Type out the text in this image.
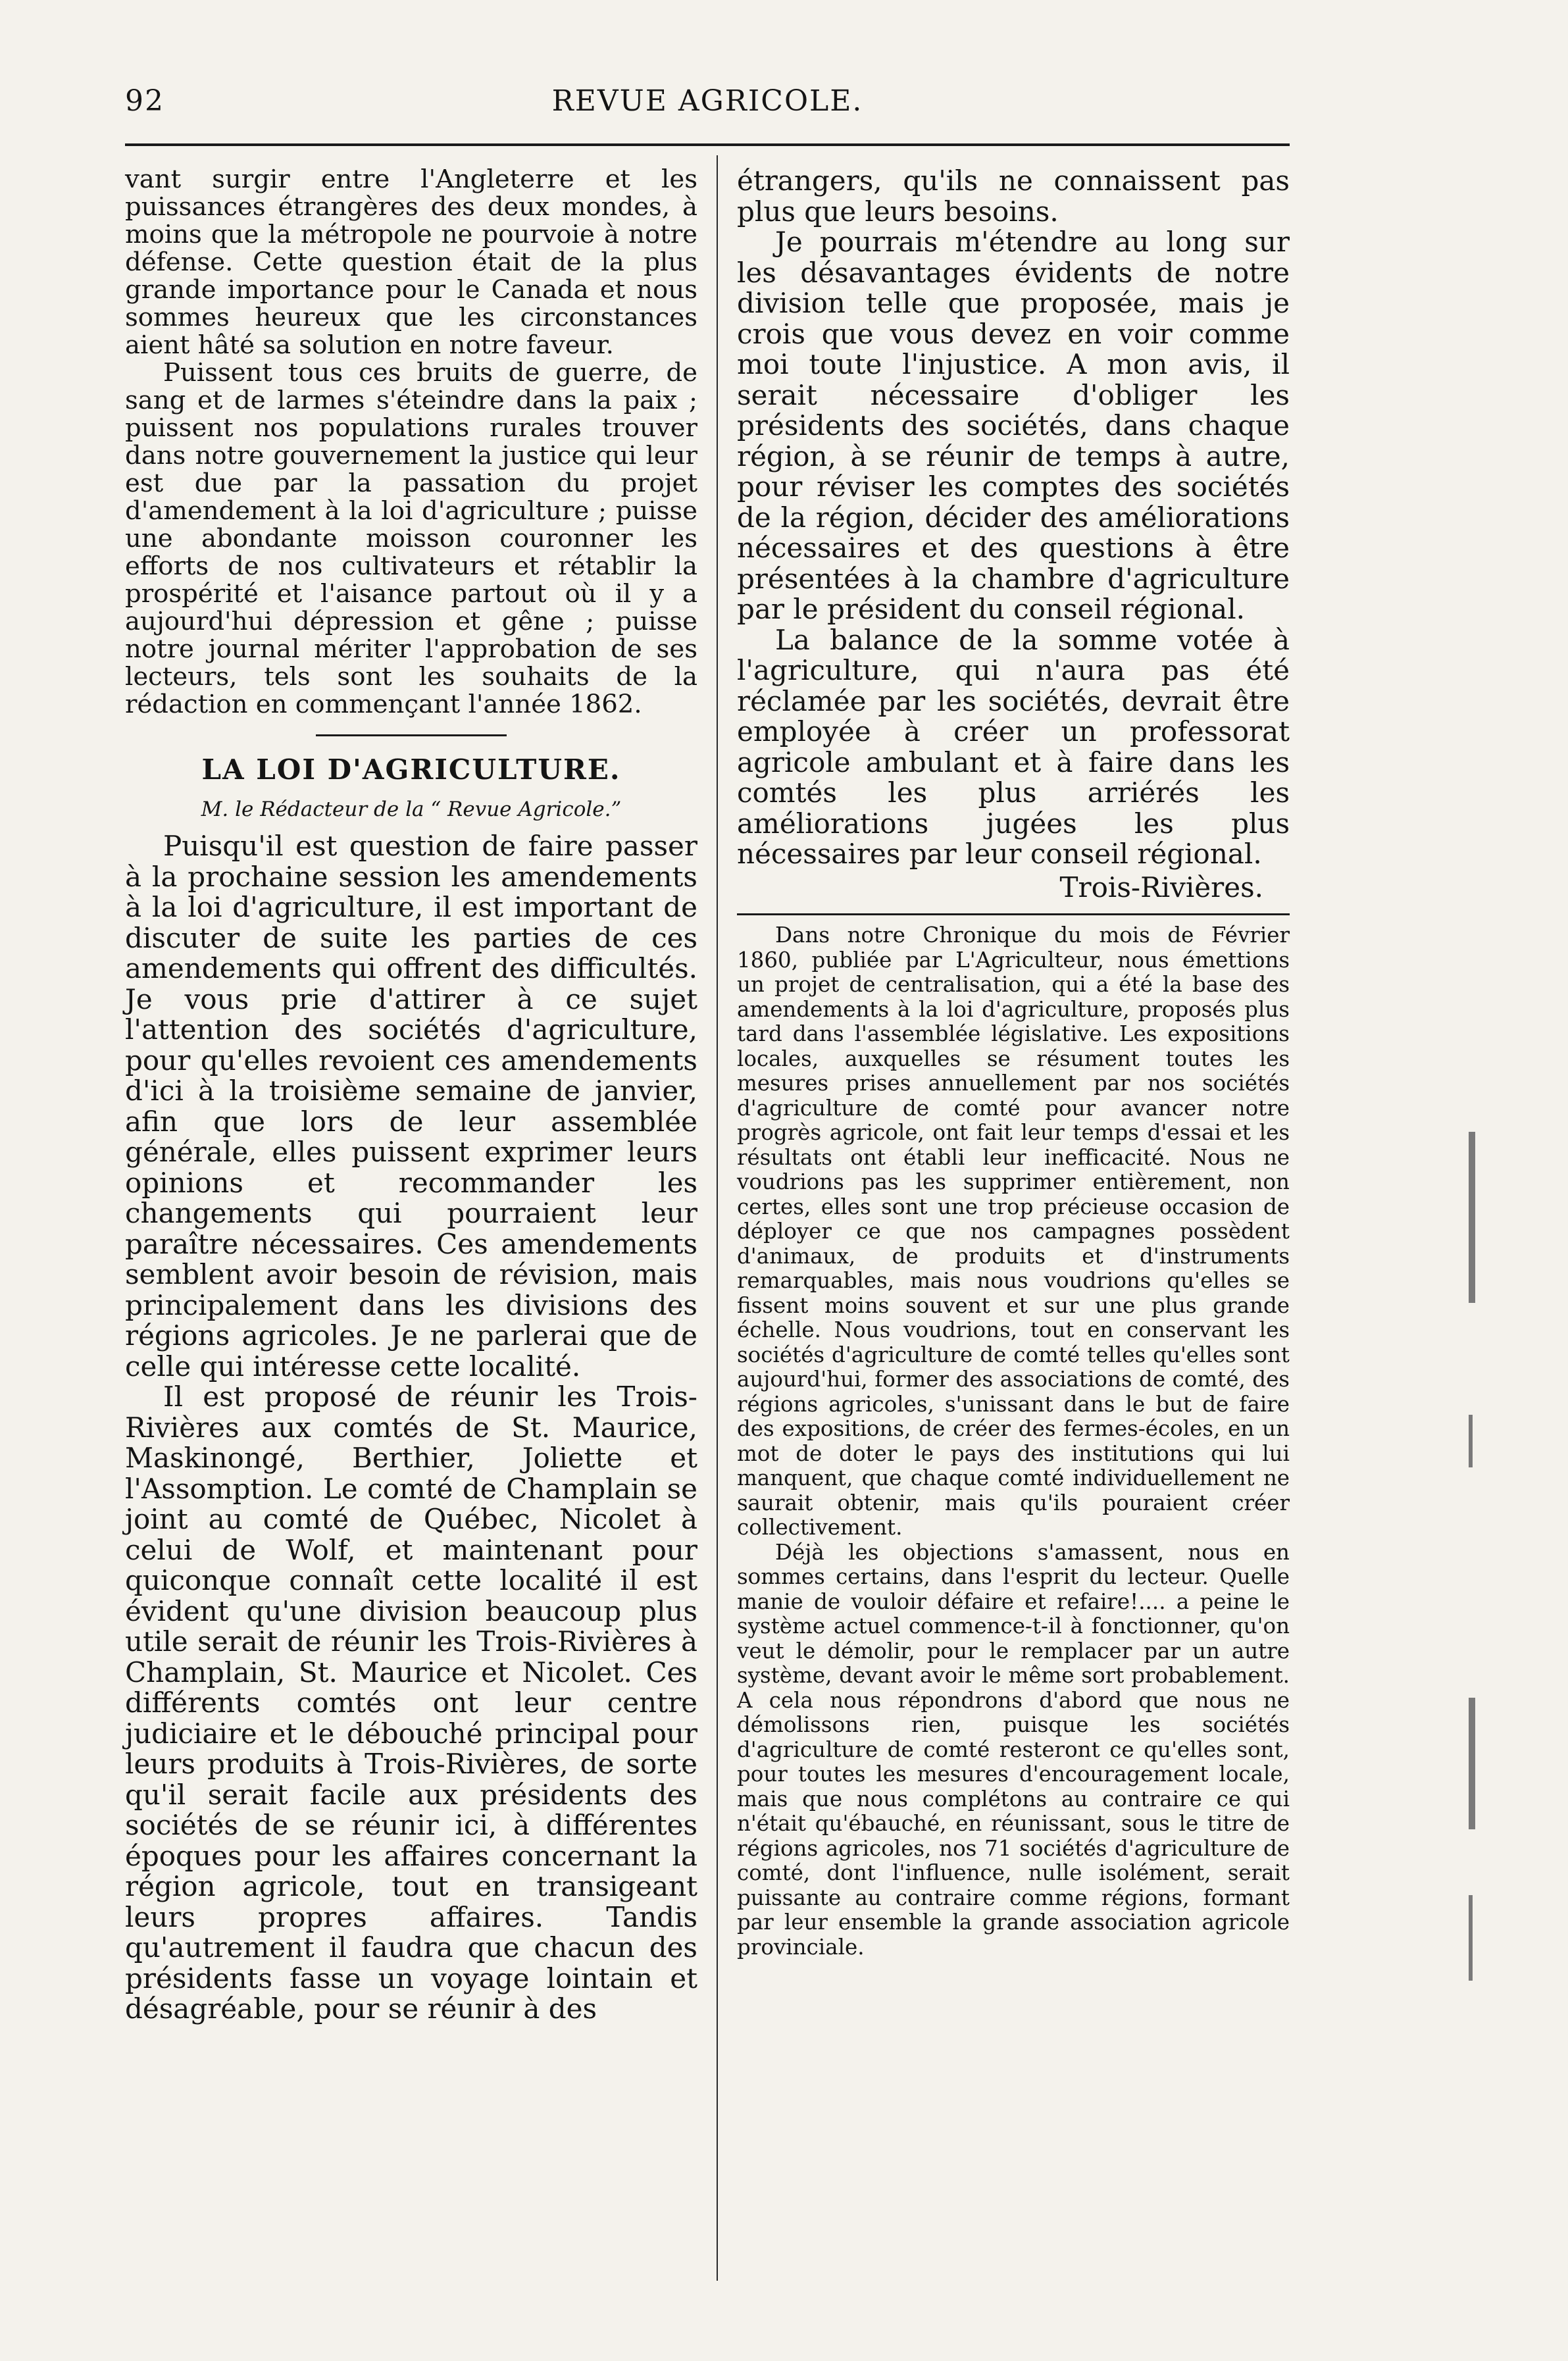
92	REVUE AGRICOLE.

vant surgir entre l'Angleterre et les puissances étrangères des deux mondes, à moins que la métropole ne pourvoie à notre défense. Cette question était de la plus grande importance pour le Canada et nous sommes heureux que les circonstances aient hâté sa solution en notre faveur.

Puissent tous ces bruits de guerre, de sang et de larmes s'éteindre dans la paix ; puissent nos populations rurales trouver dans notre gouvernement la justice qui leur est due par la passation du projet d'amendement à la loi d'agriculture ; puisse une abondante moisson couronner les efforts de nos cultivateurs et rétablir la prospérité et l'aisance partout où il y a aujourd'hui dépression et gêne ; puisse notre journal mériter l'approbation de ses lecteurs, tels sont les souhaits de la rédaction en commençant l'année 1862.

LA LOI D'AGRICULTURE.
M. le Rédacteur de la “ Revue Agricole.”

Puisqu'il est question de faire passer à la prochaine session les amendements à la loi d'agriculture, il est important de discuter de suite les parties de ces amendements qui offrent des difficultés. Je vous prie d'attirer à ce sujet l'attention des sociétés d'agriculture, pour qu'elles revoient ces amendements d'ici à la troisième semaine de janvier, afin que lors de leur assemblée générale, elles puissent exprimer leurs opinions et recommander les changements qui pourraient leur paraître nécessaires. Ces amendements semblent avoir besoin de révision, mais principalement dans les divisions des régions agricoles. Je ne parlerai que de celle qui intéresse cette localité.

Il est proposé de réunir les Trois-Rivières aux comtés de St. Maurice, Maskinongé, Berthier, Joliette et l'Assomption. Le comté de Champlain se joint au comté de Québec, Nicolet à celui de Wolf, et maintenant pour quiconque connaît cette localité il est évident qu'une division beaucoup plus utile serait de réunir les Trois-Rivières à Champlain, St. Maurice et Nicolet. Ces différents comtés ont leur centre judiciaire et le débouché principal pour leurs produits à Trois-Rivières, de sorte qu'il serait facile aux présidents des sociétés de se réunir ici, à différentes époques pour les affaires concernant la région agricole, tout en transigeant leurs propres affaires. Tandis qu'autrement il faudra que chacun des présidents fasse un voyage lointain et désagréable, pour se réunir à des

étrangers, qu'ils ne connaissent pas plus que leurs besoins.

Je pourrais m'étendre au long sur les désavantages évidents de notre division telle que proposée, mais je crois que vous devez en voir comme moi toute l'injustice. A mon avis, il serait nécessaire d'obliger les présidents des sociétés, dans chaque région, à se réunir de temps à autre, pour réviser les comptes des sociétés de la région, décider des améliorations nécessaires et des questions à être présentées à la chambre d'agriculture par le président du conseil régional.

La balance de la somme votée à l'agriculture, qui n'aura pas été réclamée par les sociétés, devrait être employée à créer un professorat agricole ambulant et à faire dans les comtés les plus arriérés les améliorations jugées les plus nécessaires par leur conseil régional.

Trois-Rivières.

Dans notre Chronique du mois de Février 1860, publiée par L'Agriculteur, nous émettions un projet de centralisation, qui a été la base des amendements à la loi d'agriculture, proposés plus tard dans l'assemblée législative. Les expositions locales, auxquelles se résument toutes les mesures prises annuellement par nos sociétés d'agriculture de comté pour avancer notre progrès agricole, ont fait leur temps d'essai et les résultats ont établi leur inefficacité. Nous ne voudrions pas les supprimer entièrement, non certes, elles sont une trop précieuse occasion de déployer ce que nos campagnes possèdent d'animaux, de produits et d'instruments remarquables, mais nous voudrions qu'elles se fissent moins souvent et sur une plus grande échelle. Nous voudrions, tout en conservant les sociétés d'agriculture de comté telles qu'elles sont aujourd'hui, former des associations de comté, des régions agricoles, s'unissant dans le but de faire des expositions, de créer des fermes-écoles, en un mot de doter le pays des institutions qui lui manquent, que chaque comté individuellement ne saurait obtenir, mais qu'ils pouraient créer collectivement.

Déjà les objections s'amassent, nous en sommes certains, dans l'esprit du lecteur. Quelle manie de vouloir défaire et refaire!.... a peine le système actuel commence-t-il à fonctionner, qu'on veut le démolir, pour le remplacer par un autre système, devant avoir le même sort probablement. A cela nous répondrons d'abord que nous ne démolissons rien, puisque les sociétés d'agriculture de comté resteront ce qu'elles sont, pour toutes les mesures d'encouragement locale, mais que nous complétons au contraire ce qui n'était qu'ébauché, en réunissant, sous le titre de régions agricoles, nos 71 sociétés d'agriculture de comté, dont l'influence, nulle isolément, serait puissante au contraire comme régions, formant par leur ensemble la grande association agricole provinciale.
